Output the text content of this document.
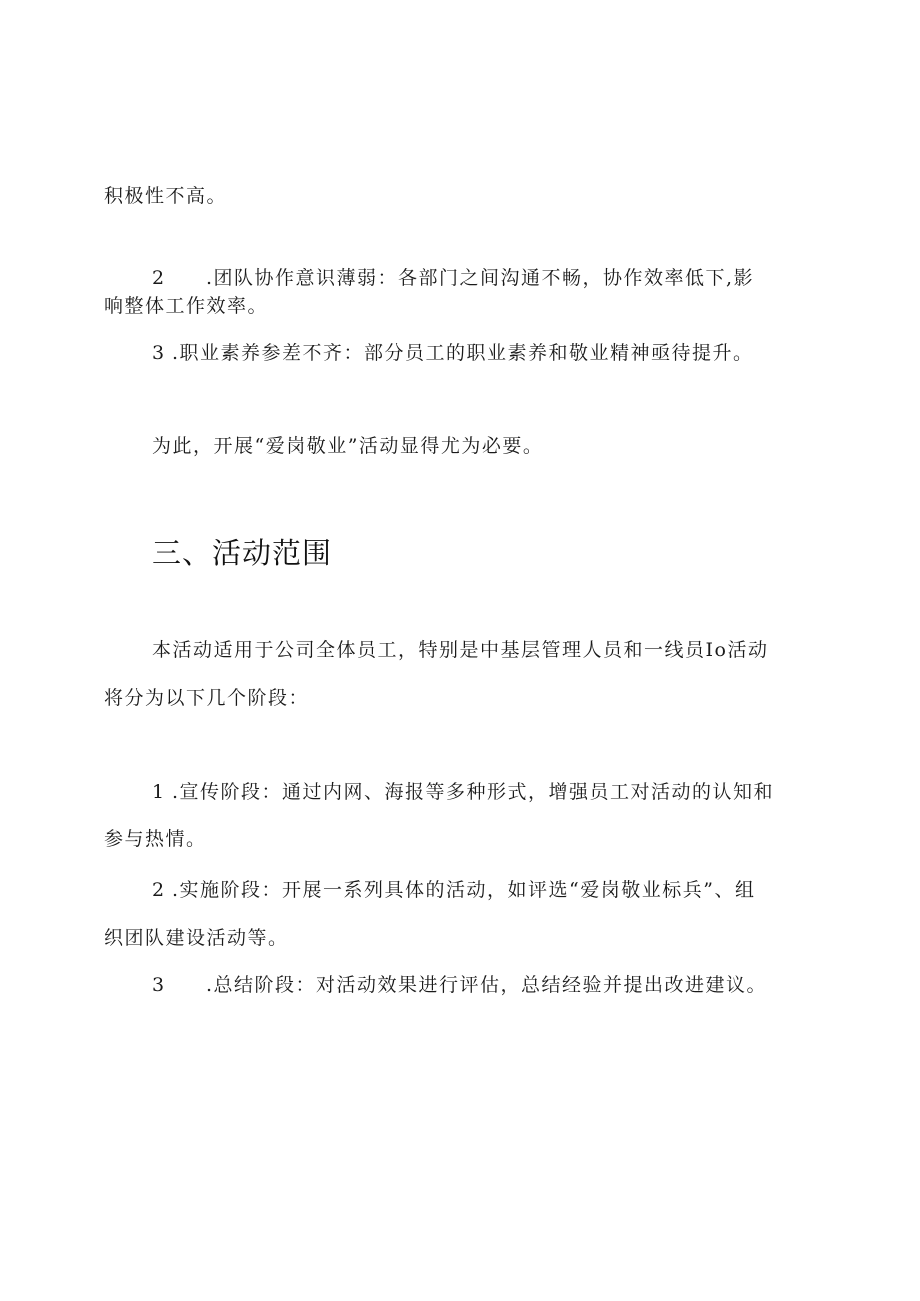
积极性不高。
2 .团队协作意识薄弱：各部门之间沟通不畅，协作效率低下,影
响整体工作效率。
3 .职业素养参差不齐：部分员工的职业素养和敬业精神亟待提升。
为此，开展“爱岗敬业”活动显得尤为必要。
三、活动范围
本活动适用于公司全体员工，特别是中基层管理人员和一线员Io活动
将分为以下几个阶段：
1 .宣传阶段：通过内网、海报等多种形式，增强员工对活动的认知和
参与热情。
2 .实施阶段：开展一系列具体的活动，如评选“爱岗敬业标兵”、组
织团队建设活动等。
3 .总结阶段：对活动效果进行评估，总结经验并提出改进建议。
